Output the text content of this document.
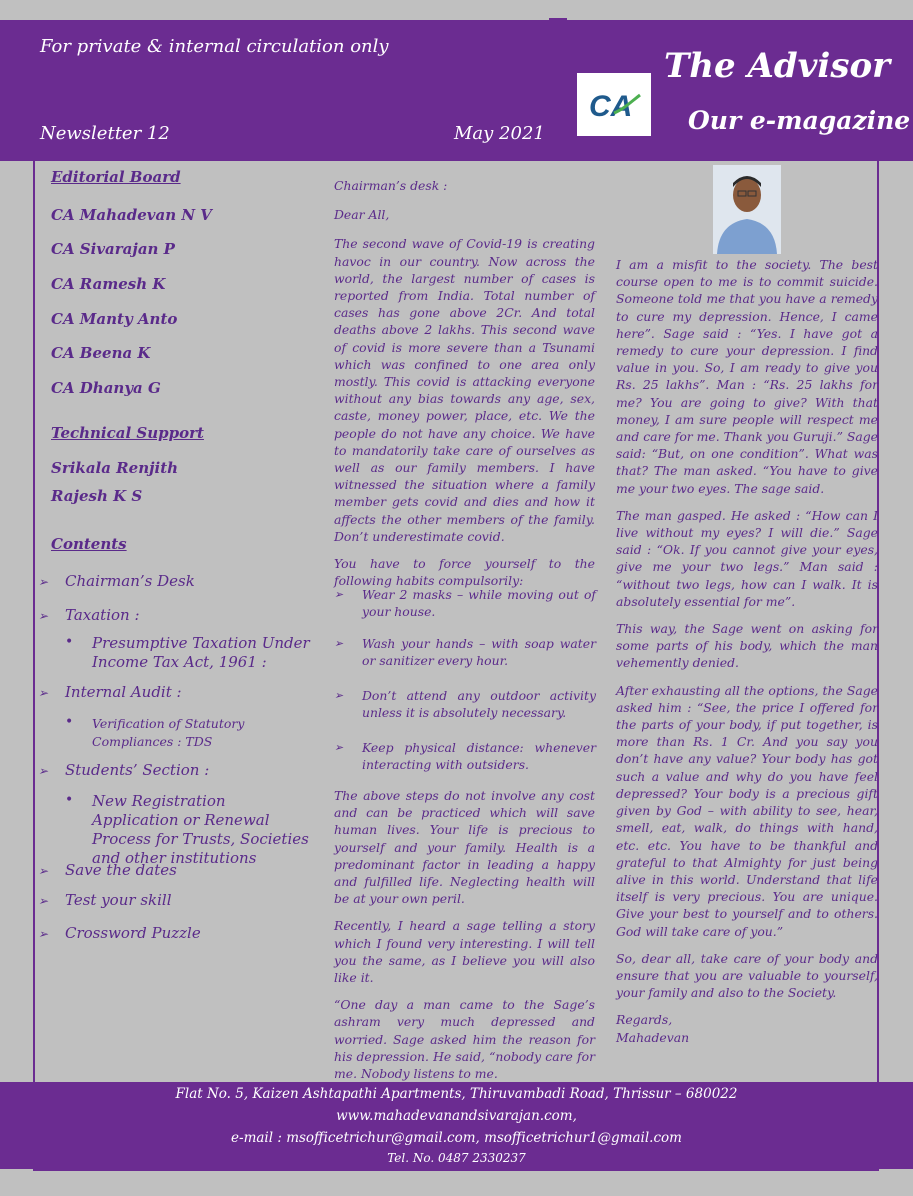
For private & internal circulation only
Newsletter 12	May 2021
The Advisor
Our e-magazine
CA
Editorial Board
CA Mahadevan N V
CA Sivarajan P
CA Ramesh K
CA Manty Anto
CA Beena K
CA Dhanya G
Technical Support
Srikala Renjith
Rajesh K S
Contents
➢ Chairman’s Desk
➢ Taxation :
• Presumptive Taxation Under Income Tax Act, 1961 :
➢ Internal Audit :
• Verification of Statutory Compliances : TDS
➢ Students’ Section :
• New Registration Application or Renewal Process for Trusts, Societies and other institutions
➢ Save the dates
➢ Test your skill
➢ Crossword Puzzle

Chairman’s desk :

Dear All,

The second wave of Covid-19 is creating havoc in our country. Now across the world, the largest number of cases is reported from India. Total number of cases has gone above 2Cr. And total deaths above 2 lakhs. This second wave of covid is more severe than a Tsunami which was confined to one area only mostly. This covid is attacking everyone without any bias towards any age, sex, caste, money power, place, etc. We the people do not have any choice. We have to mandatorily take care of ourselves as well as our family members. I have witnessed the situation where a family member gets covid and dies and how it affects the other members of the family. Don’t underestimate covid.

You have to force yourself to the following habits compulsorily:

➢ Wear 2 masks – while moving out of your house.
➢ Wash your hands – with soap water or sanitizer every hour.
➢ Don’t attend any outdoor activity unless it is absolutely necessary.
➢ Keep physical distance: whenever interacting with outsiders.

The above steps do not involve any cost and can be practiced which will save human lives. Your life is precious to yourself and your family. Health is a predominant factor in leading a happy and fulfilled life. Neglecting health will be at your own peril.

Recently, I heard a sage telling a story which I found very interesting. I will tell you the same, as I believe you will also like it.

“One day a man came to the Sage’s ashram very much depressed and worried. Sage asked him the reason for his depression. He said, “nobody care for me. Nobody listens to me.

I am a misfit to the society. The best course open to me is to commit suicide. Someone told me that you have a remedy to cure my depression. Hence, I came here”. Sage said : “Yes. I have got a remedy to cure your depression. I find value in you. So, I am ready to give you Rs. 25 lakhs”. Man : “Rs. 25 lakhs for me? You are going to give? With that money, I am sure people will respect me and care for me. Thank you Guruji.” Sage said: “But, on one condition”. What was that? The man asked. “You have to give me your two eyes. The sage said.

The man gasped. He asked : “How can I live without my eyes? I will die.” Sage said : “Ok. If you cannot give your eyes, give me your two legs.” Man said : “without two legs, how can I walk. It is absolutely essential for me”.

This way, the Sage went on asking for some parts of his body, which the man vehemently denied.

After exhausting all the options, the Sage asked him : “See, the price I offered for the parts of your body, if put together, is more than Rs. 1 Cr. And you say you don’t have any value? Your body has got such a value and why do you have feel depressed? Your body is a precious gift given by God – with ability to see, hear, smell, eat, walk, do things with hand, etc. etc. You have to be thankful and grateful to that Almighty for just being alive in this world. Understand that life itself is very precious. You are unique. Give your best to yourself and to others. God will take care of you.”

So, dear all, take care of your body and ensure that you are valuable to yourself, your family and also to the Society.

Regards,
Mahadevan
Flat No. 5, Kaizen Ashtapathi Apartments, Thiruvambadi Road, Thrissur – 680022
www.mahadevanandsivarajan.com,
e-mail : msofficetrichur@gmail.com, msofficetrichur1@gmail.com
Tel. No. 0487 2330237
